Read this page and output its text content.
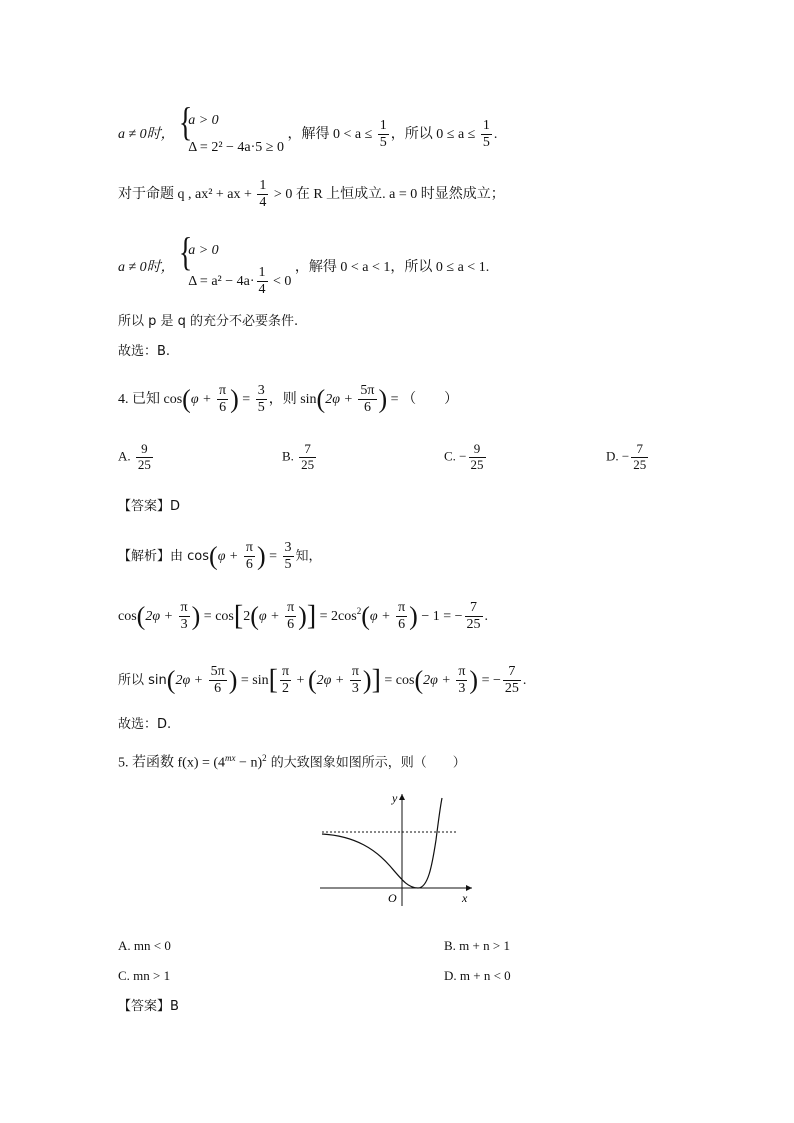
a ≠ 0时， {
a > 0
Δ = 2² − 4a·5 ≥ 0
，解得 $0 < a \le \frac{1}{5}$ ，所以 $0 \le a \le \frac{1}{5}$ .
对于命题 q , ax² + ax + $\frac{1}{4} > 0$ 在 R 上恒成立. a = 0 时显然成立；
a ≠ 0时， {
a > 0
$\Delta = a^2 - 4a\cdot \frac{1}{4} < 0$
，解得 0 < a < 1，所以 0 ≤ a < 1.
所以 p 是 q 的充分不必要条件.
故选：B.
4. 已知 $\cos(\varphi + \frac{\pi}{6}$ ) = $\frac{3}{5}$ ，则 $\sin(2\varphi + \frac{5\pi}{6}$ ) = （　　）
A. $\frac{9}{25}$	B. $\frac{7}{25}$	C. − $\frac{9}{25}$	D. − $\frac{7}{25}$
【答案】D
【解析】由 $\cos(\varphi + \frac{\pi}{6}$ ) = $\frac{3}{5}$ 知，
$\cos(2\varphi + \frac{\pi}{3}$ ) = $\cos[2(\varphi + \frac{\pi}{6}$ )] = $2\cos^2(\varphi + \frac{\pi}{6}$ ) − 1 = − $\frac{7}{25}$ .
所以 $\sin(2\varphi + \frac{5\pi}{6}$ ) = $\sin[ \frac{\pi}{2} + (2\varphi + \frac{\pi}{3}$ )] = $\cos(2\varphi + \frac{\pi}{3}$ ) = − $\frac{7}{25}$ .
故选：D.
5. 若函数 $f(x) = (4^{mx} - n)^2$ 的大致图象如图所示，则（　　）
y
x
O
A. mn < 0	B. m + n > 1
C. mn > 1	D. m + n < 0
【答案】B
